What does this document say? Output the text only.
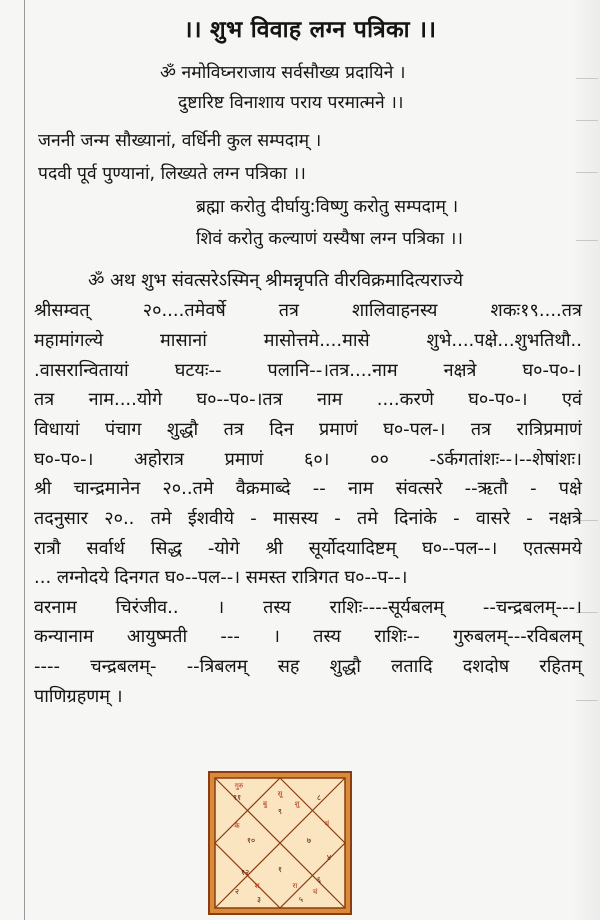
।। शुभ विवाह लग्न पत्रिका ।।
ॐ नमोविघ्नराजाय सर्वसौख्य प्रदायिने ।
दुष्टारिष्ट विनाशाय पराय परमात्मने ।।
जननी जन्म सौख्यानां, वर्धिनी कुल सम्पदाम् ।
पदवी पूर्व पुण्यानां, लिख्यते लग्न पत्रिका ।।
ब्रह्मा करोतु दीर्घायु:विष्णु करोतु सम्पदाम् ।
शिवं करोतु कल्याणं यस्यैषा लग्न पत्रिका ।।
ॐ अथ शुभ संवत्सरेऽस्मिन् श्रीमन्नृपति वीरविक्रमादित्यराज्ये
श्रीसम्वत्	२०....तमेवर्षे	तत्र	शालिवाहनस्य	शकः१९....तत्र
महामांगल्ये	मासानां	मासोत्तमे....मासे	शुभे....पक्षे...शुभतिथौ..
.वासरान्वितायां	घटयः--	पलानि--।तत्र....नाम	नक्षत्रे	घ०-प०-।
तत्र नाम....योगे घ०--प०-।तत्र नाम ....करणे घ०-प०-। एवं
विधायां पंचाग शुद्धौ तत्र दिन प्रमाणं घ०-पल-। तत्र रात्रिप्रमाणं
घ०-प०-। अहोरात्र प्रमाणं ६०। ०० -ऽर्कगतांशः--।--शेषांशः।
श्री चान्द्रमानेन २०..तमे वैक्रमाब्दे -- नाम संवत्सरे --ऋतौ - पक्षे
तदनुसार २०.. तमे ईशवीये - मासस्य - तमे दिनांके - वासरे - नक्षत्रे
रात्रौ सर्वार्थ सिद्ध -योगे श्री सूर्योदयादिष्टम् घ०--पल--। एतत्समये
... लग्नोदये दिनगत घ०--पल--। समस्त रात्रिगत घ०--प--।
वरनाम चिरंजीव.. । तस्य राशिः----सूर्यबलम् --चन्द्रबलम्---।
कन्यानाम आयुष्मती --- । तस्य राशिः-- गुरुबलम्---रविबलम्
---- चन्द्रबलम्- --त्रिबलम् सह शुद्धौ लतादि दशदोष रहितम्
पाणिग्रहणम् ।
९
८
११
१०	७
१२	१
६
२
३	५
४
गुरु
सू
बु	शु
मं
के
रा
श
चं
